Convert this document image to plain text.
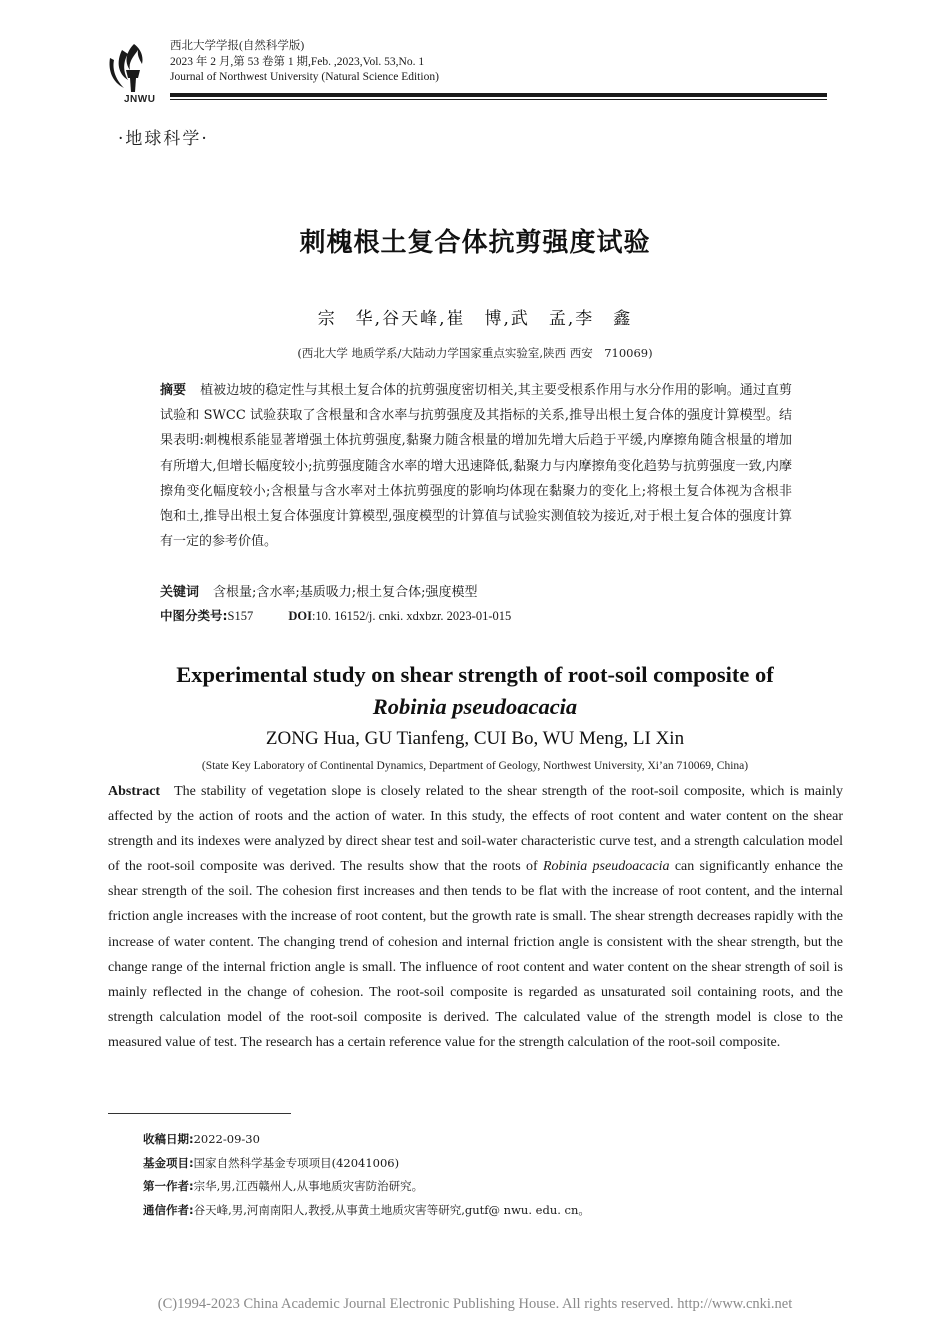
JNWU
西北大学学报(自然科学版)
2023 年 2 月,第 53 卷第 1 期,Feb. ,2023,Vol. 53,No. 1
Journal of Northwest University (Natural Science Edition)
·地球科学·
刺槐根土复合体抗剪强度试验
宗　华,谷天峰,崔　博,武　孟,李　鑫
(西北大学 地质学系/大陆动力学国家重点实验室,陕西 西安　710069)
摘要 植被边坡的稳定性与其根土复合体的抗剪强度密切相关,其主要受根系作用与水分作用的影响。通过直剪试验和 SWCC 试验获取了含根量和含水率与抗剪强度及其指标的关系,推导出根土复合体的强度计算模型。结果表明:刺槐根系能显著增强土体抗剪强度,黏聚力随含根量的增加先增大后趋于平缓,内摩擦角随含根量的增加有所增大,但增长幅度较小;抗剪强度随含水率的增大迅速降低,黏聚力与内摩擦角变化趋势与抗剪强度一致,内摩擦角变化幅度较小;含根量与含水率对土体抗剪强度的影响均体现在黏聚力的变化上;将根土复合体视为含根非饱和土,推导出根土复合体强度计算模型,强度模型的计算值与试验实测值较为接近,对于根土复合体的强度计算有一定的参考价值。
关键词 含根量;含水率;基质吸力;根土复合体;强度模型
中图分类号:S157	DOI:10. 16152/j. cnki. xdxbzr. 2023-01-015
Experimental study on shear strength of root-soil composite of
Robinia pseudoacacia
ZONG Hua, GU Tianfeng, CUI Bo, WU Meng, LI Xin
(State Key Laboratory of Continental Dynamics, Department of Geology, Northwest University, Xi’an 710069, China)
Abstract The stability of vegetation slope is closely related to the shear strength of the root-soil composite, which is mainly affected by the action of roots and the action of water. In this study, the effects of root content and water content on the shear strength and its indexes were analyzed by direct shear test and soil-water characteristic curve test, and a strength calculation model of the root-soil composite was derived. The results show that the roots of Robinia pseudoacacia can significantly enhance the shear strength of the soil. The cohesion first increases and then tends to be flat with the increase of root content, and the internal friction angle increases with the increase of root content, but the growth rate is small. The shear strength decreases rapidly with the increase of water content. The changing trend of cohesion and internal friction angle is consistent with the shear strength, but the change range of the internal friction angle is small. The influence of root content and water content on the shear strength of soil is mainly reflected in the change of cohesion. The root-soil composite is regarded as unsaturated soil containing roots, and the strength calculation model of the root-soil composite is derived. The calculated value of the strength model is close to the measured value of test. The research has a certain reference value for the strength calculation of the root-soil composite.
收稿日期:2022-09-30
基金项目:国家自然科学基金专项项目(42041006)
第一作者:宗华,男,江西赣州人,从事地质灾害防治研究。
通信作者:谷天峰,男,河南南阳人,教授,从事黄土地质灾害等研究,gutf@ nwu. edu. cn。
(C)1994-2023 China Academic Journal Electronic Publishing House. All rights reserved. http://www.cnki.net
